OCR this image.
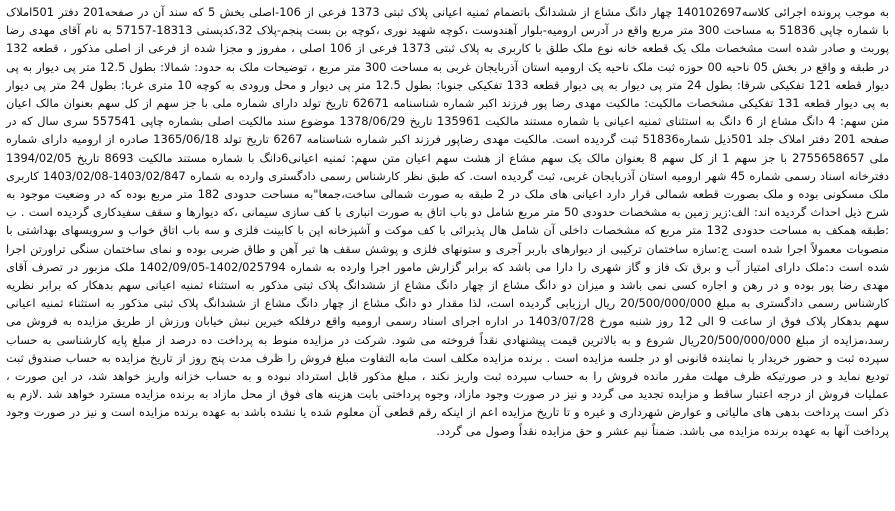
به موجب پرونده اجرائی کلاسه140102697 چهار دانگ مشاع از ششدانگ باتضمام ثمنیه اعیانی پلاک ثبتی 1373 فرعی از 106-اصلی بخش 5 که سند آن در صفحه201 دفتر 501املاک با شماره چاپی 51836 به مساحت 300 متر مربع واقع در آدرس ارومیه-بلوار آهندوست ،کوچه شهید نوری ،کوچه بن بست پنجم-پلاک 32،کدپستی 18313-57157 به نام آقای مهدی رضا پوربت و صادر شده است مشخصات ملک یک قطعه خانه نوع ملک طلق با کاربری به پلاک ثبتی 1373 فرعی از 106 اصلی ، مفروز و مجزا شده از فرعی از اصلی مذکور ، قطعه 132 در طبقه و واقع در بخش 05 ناحیه 00 حوزه ثبت ملک ناحیه یک ارومیه استان آذربایجان غربی به مساحت 300 متر مربع ، توضیحات ملک به حدود: شمالا: بطول 12.5 متر پی دیوار به پی دیوار قطعه 121 تفکیکی شرقا: بطول 24 متر پی دیوار به پی دیوار قطعه 133 تفکیکی جنوبا: بطول 12.5 متر پی دیوار و محل ورودی به کوچه 10 متری غربا: بطول 24 متر پی دیوار به پی دیوار قطعه 131 تفکیکی مشخصات مالکیت: مالکیت مهدی رضا پور فرزند اکبر شماره شناسنامه 62671 تاریخ تولد دارای شماره ملی با جز سهم از کل سهم بعنوان مالک اعیان متن سهم: 4 دانگ مشاع از 6 دانگ به استثنای ثمنیه اعیانی با شماره مستند مالکیت 135961 تاریخ 1378/06/29 موضوع سند مالکیت اصلی بشماره چاپی 557541 سری سال که در صفحه 201 دفتر املاک جلد 501ذیل شماره51836 ثبت گردیده است. مالکیت مهدی رضاپور فرزند اکبر شماره شناسنامه 6267 تاریخ تولد 1365/06/18 صادره از ارومیه دارای شماره ملی 2755658657 با جز سهم 1 از کل سهم 8 بعنوان مالک یک سهم مشاع از هشت سهم اعیان متن سهم: ثمنیه اعیانی6دانگ با شماره مستند مالکیت 8693 تاریخ 1394/02/05 دفترخانه اسناد رسمی شماره 45 شهر ارومیه استان آذربایجان غربی، ثبت گردیده است. که طبق نظر کارشناس رسمی دادگستری وارده به شماره 1403/02/847-1403/02/08 کاربری ملک مسکونی بوده و ملک بصورت قطعه شمالی قرار دارد اعیانی های ملک در 2 طبقه به صورت شمالی ساخت،جمعا"به مساحت حدودی 182 متر مربع بوده که در وضعیت موجود به شرح ذیل احداث گردیده اند: الف:زیر زمین به مشخصات حدودی 50 متر مربع شامل دو باب اتاق به صورت انباری با کف سازی سیمانی ،که دیوارها و سقف سفیدکاری گردیده است . ب :طبقه همکف به مساحت حدودی 132 متر مربع که مشخصات داخلی آن شامل هال پذیرائی با کف موکت و آشپزخانه اپن با کابینت فلزی و سه باب اتاق خواب و سرویسهای بهداشتی با منصوبات معمولاً اجرا شده است ج:سازه ساختمان ترکیبی از دیوارهای باربر آجری و ستونهای فلزی و پوشش سقف ها تیر آهن و طاق ضربی بوده و نمای ساختمان سنگی تراورتن اجرا شده است د:ملک دارای امتیاز آب و برق تک فاز و گاز شهری را دارا می باشد که برابر گزارش مامور اجرا وارده به شماره 1402/025794-1402/09/05 ملک مزبور در تصرف آقای مهدی رضا پور بوده و در رهن و اجاره کسی نمی باشد و میزان دو دانگ مشاع از چهار دانگ مشاع از ششدانگ پلاک ثبتی مذکور به استثناء ثمنیه اعیانی سهم بدهکار که برابر نظریه کارشناس رسمی دادگستری به مبلغ 20/500/000/000 ریال ارزیابی گردیده است، لذا مقدار دو دانگ مشاع از چهار دانگ مشاع از ششدانگ پلاک ثبتی مذکور به استثناء ثمنیه اعیانی سهم بدهکار پلاک فوق از ساعت 9 الی 12 روز شنبه مورخ 1403/07/28 در اداره اجرای اسناد رسمی ارومیه واقع درفلکه خیرین نبش خیابان ورزش از طریق مزایده به فروش می رسد،مزایده از مبلغ 20/500/000/000ریال شروع و به بالاترین قیمت پیشنهادی نقداً فروخته می شود. شرکت در مزایده منوط به پرداخت ده درصد از مبلغ پایه کارشناسی به حساب سپرده ثبت و حضور خریدار یا نماینده قانونی او در جلسه مزایده است . برنده مزایده مکلف است مابه التفاوت مبلغ فروش را ظرف مدت پنج روز از تاریخ مزایده به حساب صندوق ثبت تودیع نماید و در صورتیکه ظرف مهلت مقرر مانده فروش را به حساب سپرده ثبت واریز نکند ، مبلغ مذکور قابل استرداد نبوده و به حساب خزانه واریز خواهد شد، در این صورت ، عملیات فروش از درجه اعتبار ساقط و مزایده تجدید می گردد و نیز در صورت وجود مازاد، وجوه پرداختی بابت هزینه های فوق از محل مازاد به برنده مزایده مسترد خواهد شد .لازم به ذکر است پرداخت بدهی های مالیاتی و عوارض شهرداری و غیره و تا تاریخ مزایده اعم از اینکه رقم قطعی آن معلوم شده یا نشده باشد به عهده برنده مزایده است و نیز در صورت وجود پرداخت آنها به عهده برنده مزایده می باشد. ضمناً نیم عشر و حق مزایده نقداً وصول می گردد.
